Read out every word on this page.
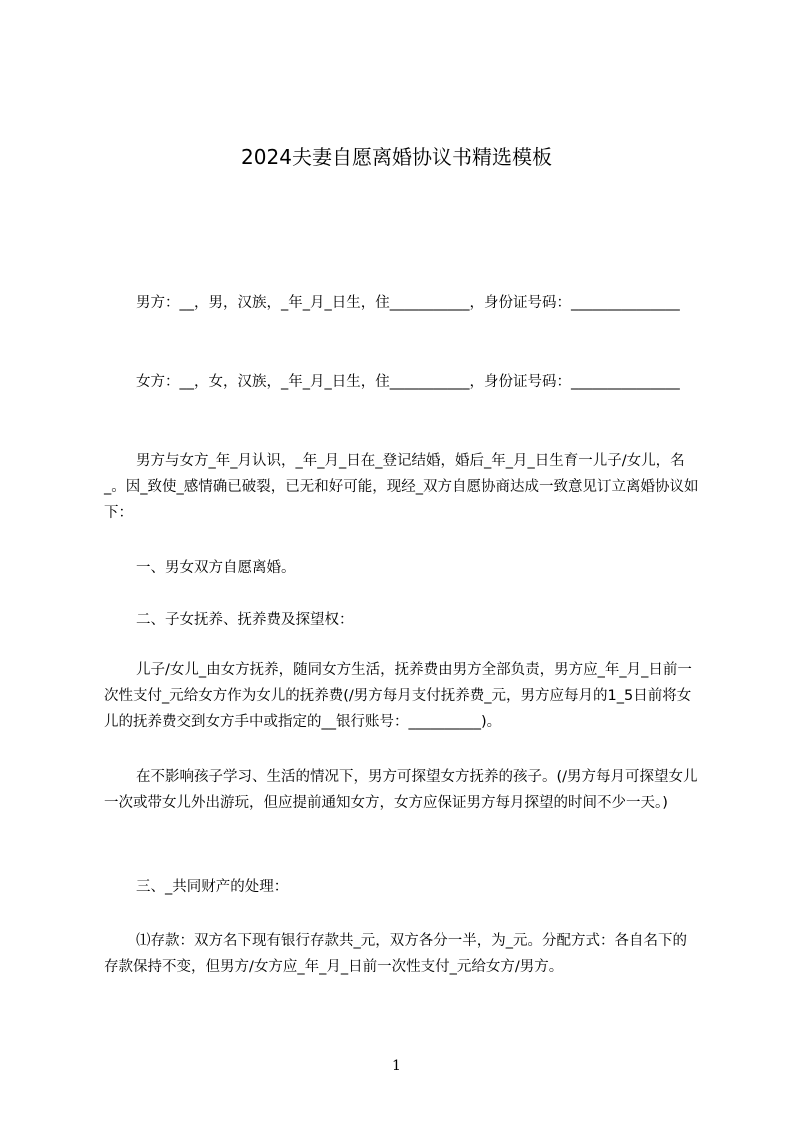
2024夫妻自愿离婚协议书精选模板

男方：__，男，汉族，_年_月_日生，住___________，身份证号码：_______________

女方：__，女，汉族，_年_月_日生，住___________，身份证号码：_______________

男方与女方_年_月认识，_年_月_日在_登记结婚，婚后_年_月_日生育一儿子/女儿，名_。因_致使_感情确已破裂，已无和好可能，现经_双方自愿协商达成一致意见订立离婚协议如下：

一、男女双方自愿离婚。

二、子女抚养、抚养费及探望权：

儿子/女儿_由女方抚养，随同女方生活，抚养费由男方全部负责，男方应_年_月_日前一次性支付_元给女方作为女儿的抚养费(/男方每月支付抚养费_元，男方应每月的1_5日前将女儿的抚养费交到女方手中或指定的__银行账号：__________)。

在不影响孩子学习、生活的情况下，男方可探望女方抚养的孩子。(/男方每月可探望女儿一次或带女儿外出游玩，但应提前通知女方，女方应保证男方每月探望的时间不少一天。)

三、_共同财产的处理：

⑴存款：双方名下现有银行存款共_元，双方各分一半，为_元。分配方式：各自名下的存款保持不变，但男方/女方应_年_月_日前一次性支付_元给女方/男方。

1
